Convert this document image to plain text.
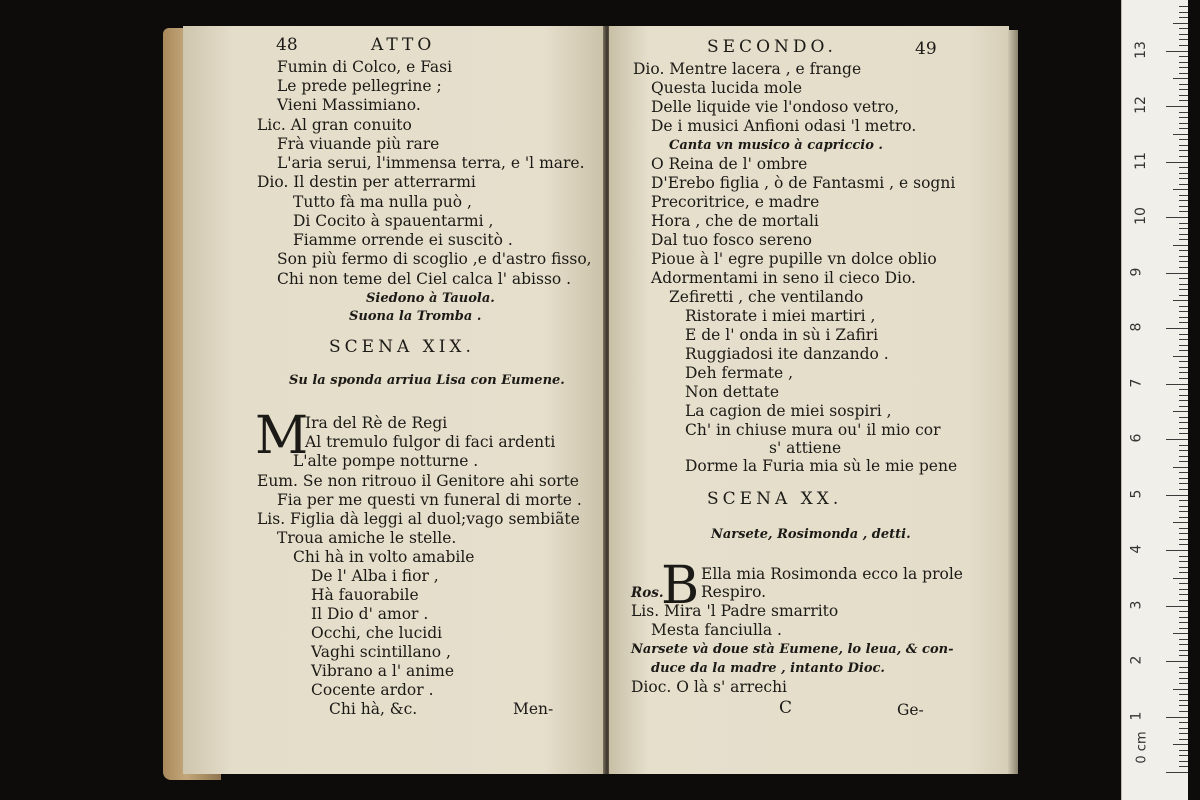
48	ATTO
Fumin di Colco, e Fasi
Le prede pellegrine ;
Vieni Massimiano.
Lic. Al gran conuito
Frà viuande più rare
L'aria serui, l'immensa terra, e 'l mare.
Dio. Il destin per atterrarmi
Tutto fà ma nulla può ,
Di Cocito à spauentarmi ,
Fiamme orrende ei suscitò .
Son più fermo di scoglio ,e d'astro fisso,
Chi non teme del Ciel calca l' abisso .
Siedono à Tauola.
Suona la Tromba .
SCENA XIX.
Su la sponda arriua Lisa con Eumene.
M
Ira del Rè de Regi
Al tremulo fulgor di faci ardenti
L'alte pompe notturne .
Eum. Se non ritrouo il Genitore ahi sorte
Fia per me questi vn funeral di morte .
Lis. Figlia dà leggi al duol;vago sembiãte
Troua amiche le stelle.
Chi hà in volto amabile
De l' Alba i fior ,
Hà fauorabile
Il Dio d' amor .
Occhi, che lucidi
Vaghi scintillano ,
Vibrano a l' anime
Cocente ardor .
Chi hà, &c.	Men-
SECONDO.	49
Dio. Mentre lacera , e frange
Questa lucida mole
Delle liquide vie l'ondoso vetro,
De i musici Anfioni odasi 'l metro.
Canta vn musico à capriccio .
O Reina de l' ombre
D'Erebo figlia , ò de Fantasmi , e sogni
Precoritrice, e madre
Hora , che de mortali
Dal tuo fosco sereno
Pioue à l' egre pupille vn dolce oblio
Adormentami in seno il cieco Dio.
Zefiretti , che ventilando
Ristorate i miei martiri ,
E de l' onda in sù i Zafiri
Ruggiadosi ite danzando .
Deh fermate ,
Non dettate
La cagion de miei sospiri ,
Ch' in chiuse mura ou' il mio cor
s' attiene
Dorme la Furia mia sù le mie pene
SCENA XX.
Narsete, Rosimonda , detti.
B Ella mia Rosimonda ecco la prole
Ros. Respiro.
Lis. Mira 'l Padre smarrito
Mesta fanciulla .
Narsete và doue stà Eumene, lo leua, & con-
duce da la madre , intanto Dioc.
Dioc. O là s' arrechi
C	Ge-
0 cm
1
2
3
4
5
6
7
8
9
10
11
12
13
